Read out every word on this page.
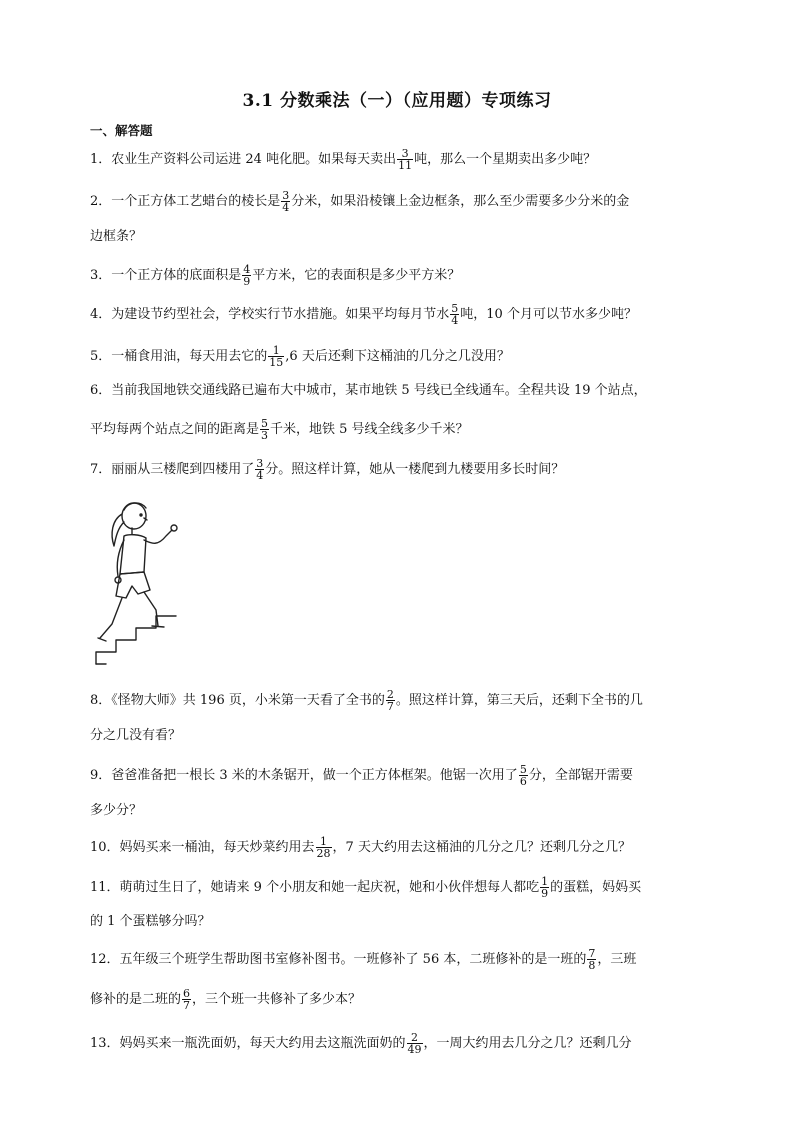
3.1 分数乘法（一）（应用题）专项练习
一、解答题
1．农业生产资料公司运进 24 吨化肥。如果每天卖出 $\frac{3}{11}$ 吨，那么一个星期卖出多少吨？
2．一个正方体工艺蜡台的棱长是 $\frac{3}{4}$ 分米，如果沿棱镶上金边框条，那么至少需要多少分米的金
边框条？
3．一个正方体的底面积是 $\frac{4}{9}$ 平方米，它的表面积是多少平方米？
4．为建设节约型社会，学校实行节水措施。如果平均每月节水 $\frac{5}{4}$ 吨，10 个月可以节水多少吨？
5．一桶食用油，每天用去它的 $\frac{1}{15} ,6$ 天后还剩下这桶油的几分之几没用？
6．当前我国地铁交通线路已遍布大中城市，某市地铁 5 号线已全线通车。全程共设 19 个站点，
平均每两个站点之间的距离是 $\frac{5}{3}$ 千米，地铁 5 号线全线多少千米？
7．丽丽从三楼爬到四楼用了 $\frac{3}{4}$ 分。照这样计算，她从一楼爬到九楼要用多长时间？
8．《怪物大师》共 196 页，小米第一天看了全书的 $\frac{2}{7}$ 。照这样计算，第三天后，还剩下全书的几
分之几没有看？
9．爸爸准备把一根长 3 米的木条锯开，做一个正方体框架。他锯一次用了 $\frac{5}{6}$ 分，全部锯开需要
多少分？
10．妈妈买来一桶油，每天炒菜约用去 $\frac{1}{28}$ ，7 天大约用去这桶油的几分之几？还剩几分之几？
11．萌萌过生日了，她请来 9 个小朋友和她一起庆祝，她和小伙伴想每人都吃 $\frac{1}{9}$ 的蛋糕，妈妈买
的 1 个蛋糕够分吗？
12．五年级三个班学生帮助图书室修补图书。一班修补了 56 本，二班修补的是一班的 $\frac{7}{8}$ ，三班
修补的是二班的 $\frac{6}{7}$ ，三个班一共修补了多少本？
13．妈妈买来一瓶洗面奶，每天大约用去这瓶洗面奶的 $\frac{2}{49}$ ，一周大约用去几分之几？还剩几分
